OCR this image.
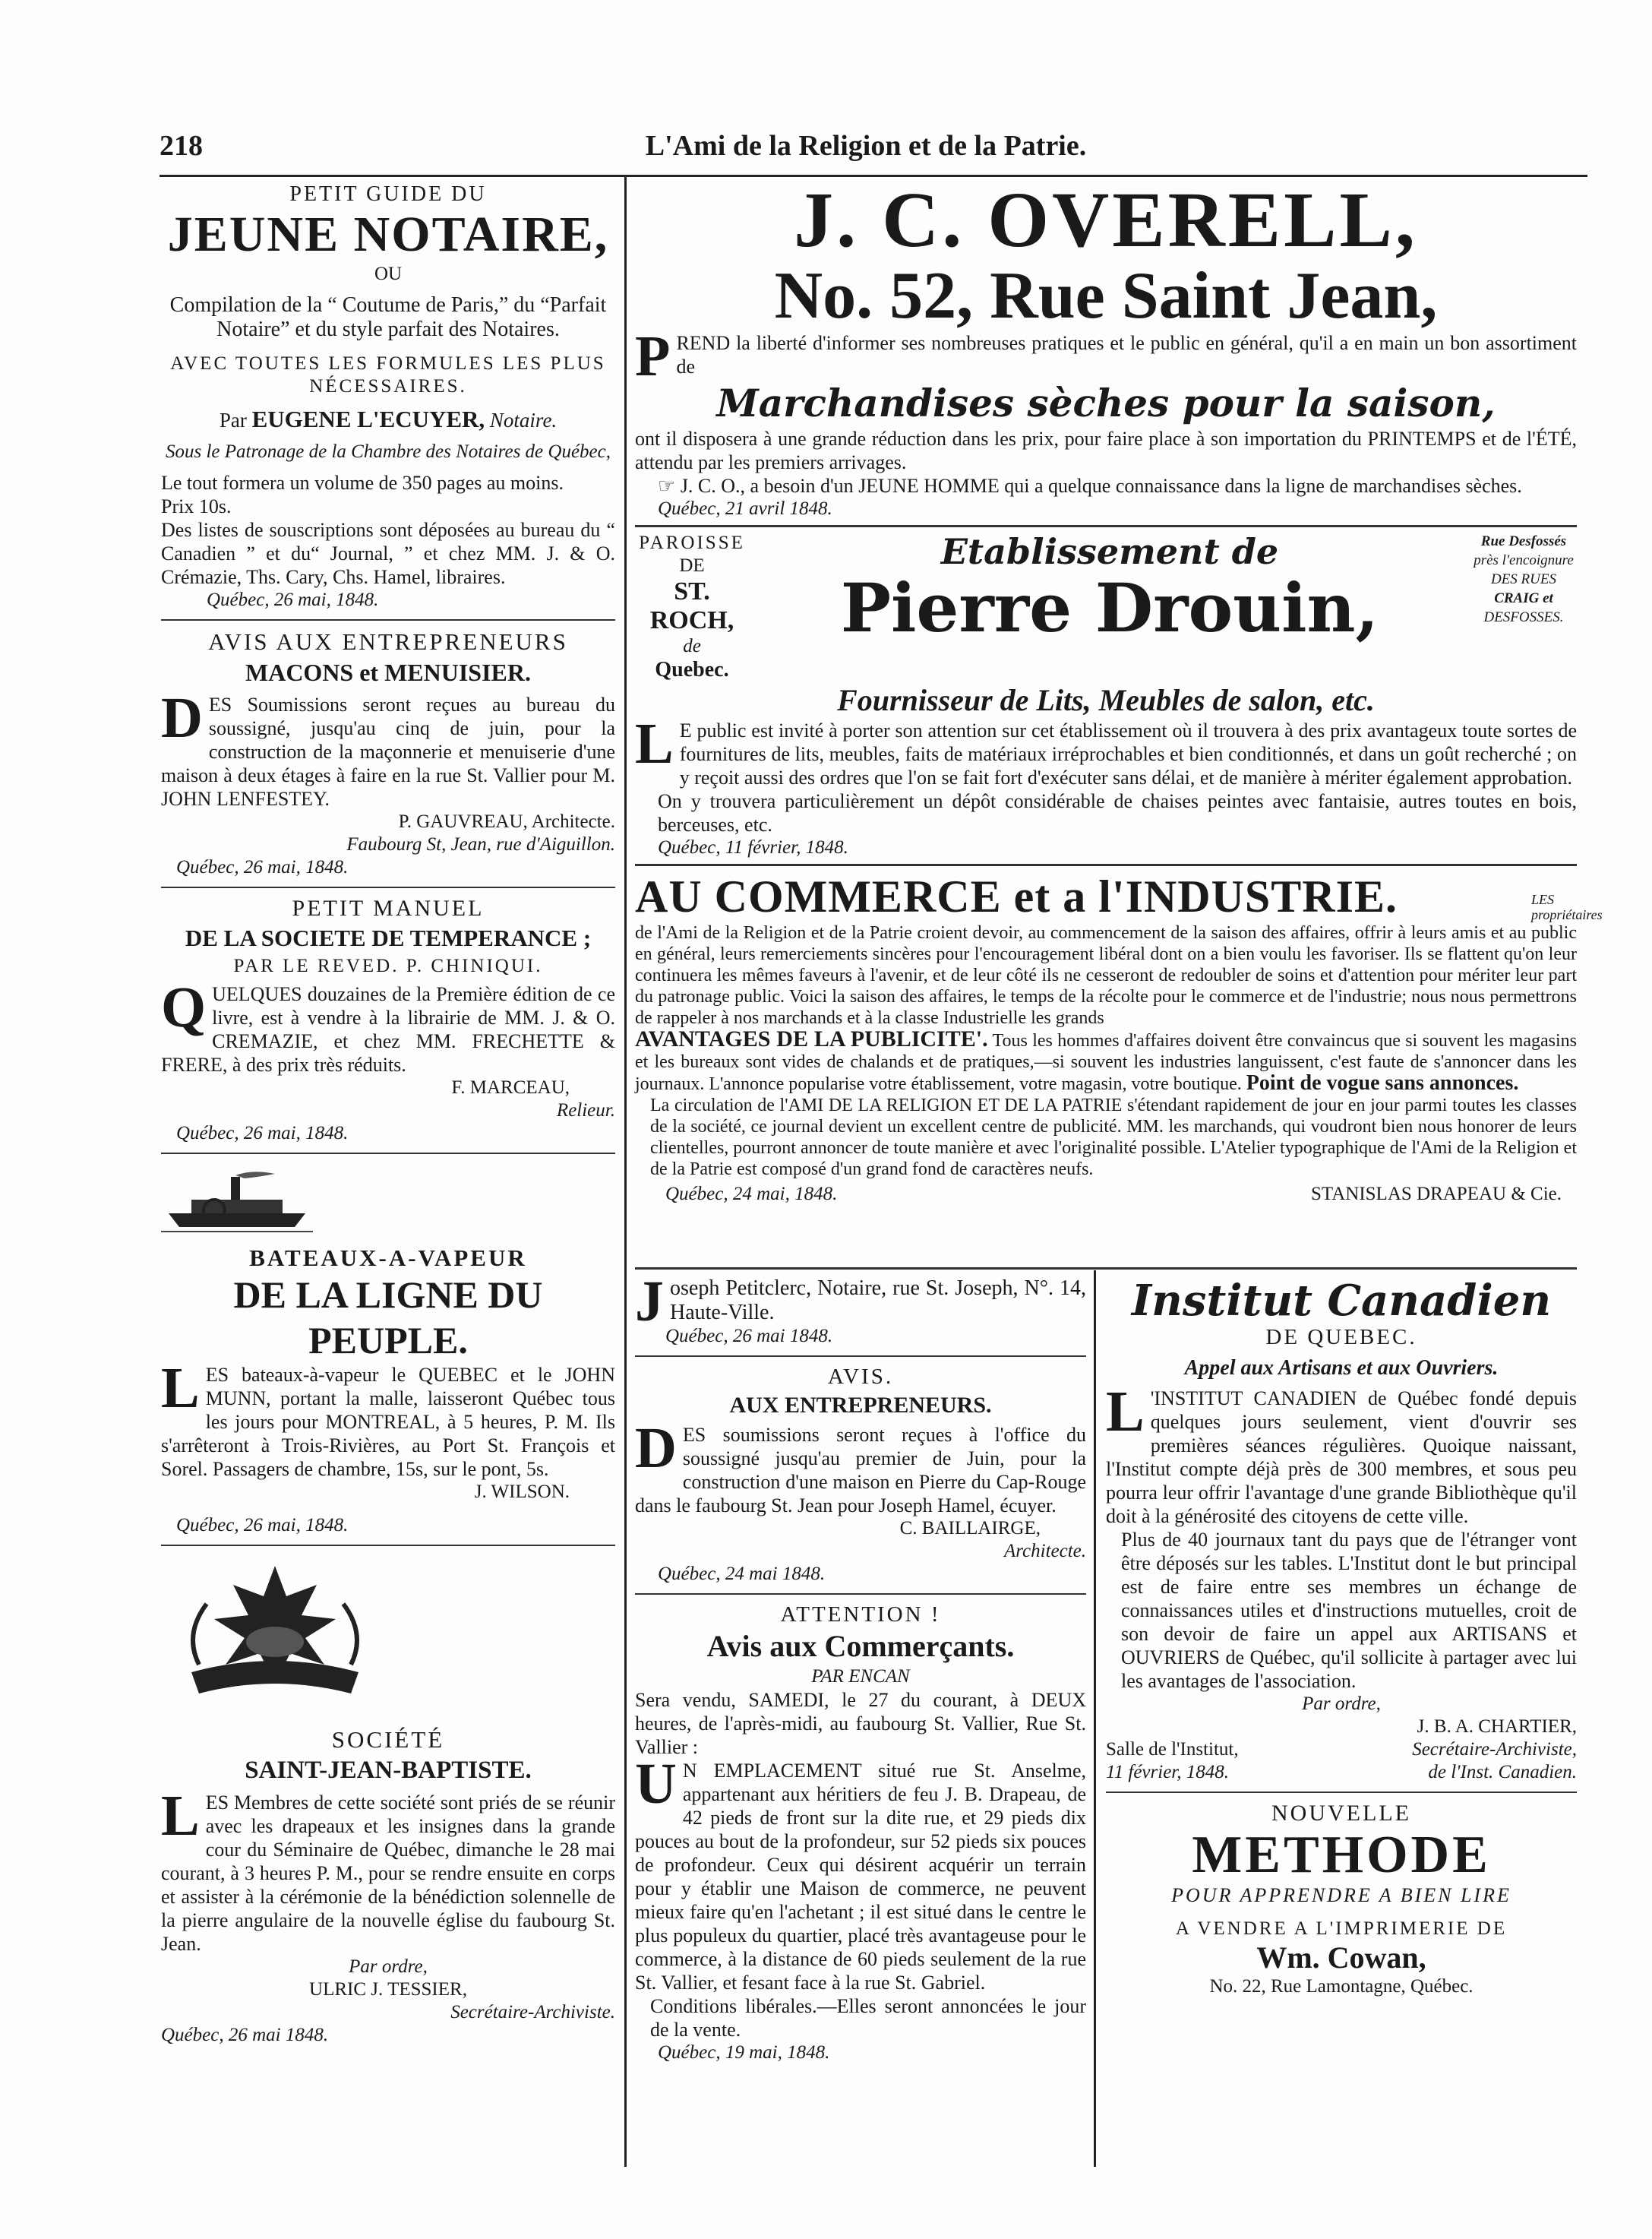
218	L'Ami de la Religion et de la Patrie.
PETIT GUIDE DU
JEUNE NOTAIRE,
OU
Compilation de la “ Coutume de Paris,” du “Parfait Notaire” et du style parfait des Notaires.
AVEC TOUTES LES FORMULES LES PLUS NÉCESSAIRES.
Par EUGENE L'ECUYER, Notaire.
Sous le Patronage de la Chambre des Notaires de Québec,
Le tout formera un volume de 350 pages au moins.
Prix 10s.
Des listes de souscriptions sont déposées au bureau du “ Canadien ” et du“ Journal, ” et chez MM. J. & O. Crémazie, Ths. Cary, Chs. Hamel, libraires.
Québec, 26 mai, 1848.
AVIS AUX ENTREPRENEURS
MACONS et MENUISIER.
DES Soumissions seront reçues au bureau du soussigné, jusqu'au cinq de juin, pour la construction de la maçonnerie et menuiserie d'une maison à deux étages à faire en la rue St. Vallier pour M. JOHN LENFESTEY.
P. GAUVREAU, Architecte.
Faubourg St, Jean, rue d'Aiguillon.
Québec, 26 mai, 1848.
PETIT MANUEL
DE LA SOCIETE DE TEMPERANCE ;
PAR LE REVED. P. CHINIQUI.
QUELQUES douzaines de la Première édition de ce livre, est à vendre à la librairie de MM. J. & O. CREMAZIE, et chez MM. FRECHETTE & FRERE, à des prix très réduits.
F. MARCEAU,
Relieur.
Québec, 26 mai, 1848.
BATEAUX-A-VAPEUR
DE LA LIGNE DU PEUPLE.
LES bateaux-à-vapeur le QUEBEC et le JOHN MUNN, portant la malle, laisseront Québec tous les jours pour MONTREAL, à 5 heures, P. M. Ils s'arrêteront à Trois-Rivières, au Port St. François et Sorel. Passagers de chambre, 15s, sur le pont, 5s.
J. WILSON.
Québec, 26 mai, 1848.
SOCIÉTÉ
SAINT-JEAN-BAPTISTE.
LES Membres de cette société sont priés de se réunir avec les drapeaux et les insignes dans la grande cour du Séminaire de Québec, dimanche le 28 mai courant, à 3 heures P. M., pour se rendre ensuite en corps et assister à la cérémonie de la bénédiction solennelle de la pierre angulaire de la nouvelle église du faubourg St. Jean.
Par ordre,
ULRIC J. TESSIER,
Secrétaire-Archiviste.
Québec, 26 mai 1848.
J. C. OVERELL,
No. 52, Rue Saint Jean,
PREND la liberté d'informer ses nombreuses pratiques et le public en général, qu'il a en main un bon assortiment de
Marchandises sèches pour la saison,
ont il disposera à une grande réduction dans les prix, pour faire place à son importation du PRINTEMPS et de l'ÉTÉ, attendu par les premiers arrivages.
☞ J. C. O., a besoin d'un JEUNE HOMME qui a quelque connaissance dans la ligne de marchandises sèches.
Québec, 21 avril 1848.
PAROISSE
DE
ST. ROCH,
de
Quebec.
Etablissement de
Pierre Drouin,
Rue Desfossés
près l'encoignure
DES RUES
CRAIG et
DESFOSSES.
Fournisseur de Lits, Meubles de salon, etc.
L E public est invité à porter son attention sur cet établissement où il trouvera à des prix avantageux toute sortes de fournitures de lits, meubles, faits de matériaux irréprochables et bien conditionnés, et dans un goût recherché ; on y reçoit aussi des ordres que l'on se fait fort d'exécuter sans délai, et de manière à mériter également approbation.
On y trouvera particulièrement un dépôt considérable de chaises peintes avec fantaisie, autres toutes en bois, berceuses, etc.
Québec, 11 février, 1848.
AU COMMERCE et a l'INDUSTRIE.	LES propriétaires
de l'Ami de la Religion et de la Patrie croient devoir, au commencement de la saison des affaires, offrir à leurs amis et au public en général, leurs remerciements sincères pour l'encouragement libéral dont on a bien voulu les favoriser. Ils se flattent qu'on leur continuera les mêmes faveurs à l'avenir, et de leur côté ils ne cesseront de redoubler de soins et d'attention pour mériter leur part du patronage public. Voici la saison des affaires, le temps de la récolte pour le commerce et de l'industrie; nous nous permettrons de rappeler à nos marchands et à la classe Industrielle les grands
AVANTAGES DE LA PUBLICITE'. Tous les hommes d'affaires doivent être convaincus que si souvent les magasins et les bureaux sont vides de chalands et de pratiques,—si souvent les industries languissent, c'est faute de s'annoncer dans les journaux. L'annonce popularise votre établissement, votre magasin, votre boutique. Point de vogue sans annonces.
La circulation de l'AMI DE LA RELIGION ET DE LA PATRIE s'étendant rapidement de jour en jour parmi toutes les classes de la société, ce journal devient un excellent centre de publicité. MM. les marchands, qui voudront bien nous honorer de leurs clientelles, pourront annoncer de toute manière et avec l'originalité possible. L'Atelier typographique de l'Ami de la Religion et de la Patrie est composé d'un grand fond de caractères neufs.
Québec, 24 mai, 1848.	STANISLAS DRAPEAU & Cie.
Joseph Petitclerc, Notaire, rue St. Joseph, N°. 14, Haute-Ville.
Québec, 26 mai 1848.
AVIS.
AUX ENTREPRENEURS.
DES soumissions seront reçues à l'office du soussigné jusqu'au premier de Juin, pour la construction d'une maison en Pierre du Cap-Rouge dans le faubourg St. Jean pour Joseph Hamel, écuyer.
C. BAILLAIRGE,
Architecte.
Québec, 24 mai 1848.
ATTENTION !
Avis aux Commerçants.
PAR ENCAN
Sera vendu, SAMEDI, le 27 du courant, à DEUX heures, de l'après-midi, au faubourg St. Vallier, Rue St. Vallier :
U N EMPLACEMENT situé rue St. Anselme, appartenant aux héritiers de feu J. B. Drapeau, de 42 pieds de front sur la dite rue, et 29 pieds dix pouces au bout de la profondeur, sur 52 pieds six pouces de profondeur. Ceux qui désirent acquérir un terrain pour y établir une Maison de commerce, ne peuvent mieux faire qu'en l'achetant ; il est situé dans le centre le plus populeux du quartier, placé très avantageuse pour le commerce, à la distance de 60 pieds seulement de la rue St. Vallier, et fesant face à la rue St. Gabriel.
Conditions libérales.—Elles seront annoncées le jour de la vente.
Québec, 19 mai, 1848.
Institut Canadien
DE QUEBEC.
Appel aux Artisans et aux Ouvriers.
L 'INSTITUT CANADIEN de Québec fondé depuis quelques jours seulement, vient d'ouvrir ses premières séances régulières. Quoique naissant, l'Institut compte déjà près de 300 membres, et sous peu pourra leur offrir l'avantage d'une grande Bibliothèque qu'il doit à la générosité des citoyens de cette ville.
Plus de 40 journaux tant du pays que de l'étranger vont être déposés sur les tables. L'Institut dont le but principal est de faire entre ses membres un échange de connaissances utiles et d'instructions mutuelles, croit de son devoir de faire un appel aux ARTISANS et OUVRIERS de Québec, qu'il sollicite à partager avec lui les avantages de l'association.
Par ordre,
J. B. A. CHARTIER,
Salle de l'Institut,	Secrétaire-Archiviste,
11 février, 1848.	de l'Inst. Canadien.
NOUVELLE
METHODE
POUR APPRENDRE A BIEN LIRE
A VENDRE A L'IMPRIMERIE DE
Wm. Cowan,
No. 22, Rue Lamontagne, Québec.
